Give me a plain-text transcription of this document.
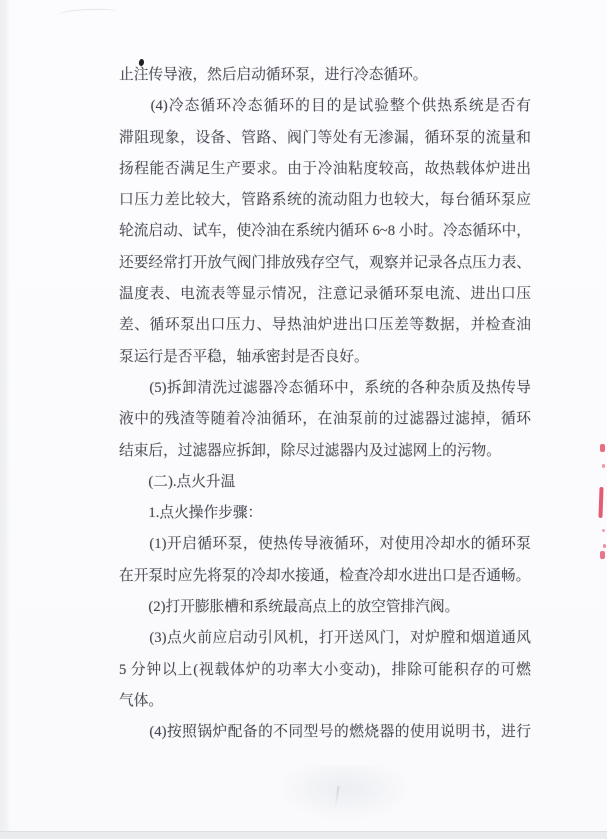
止注传导液，然后启动循环泵，进行冷态循环。
　　(4)冷态循环冷态循环的目的是试验整个供热系统是否有
滞阻现象，设备、管路、阀门等处有无渗漏，循环泵的流量和
扬程能否满足生产要求。由于冷油粘度较高，故热载体炉进出
口压力差比较大，管路系统的流动阻力也较大，每台循环泵应
轮流启动、试车，使冷油在系统内循环 6~8 小时。冷态循环中，
还要经常打开放气阀门排放残存空气，观察并记录各点压力表、
温度表、电流表等显示情况，注意记录循环泵电流、进出口压
差、循环泵出口压力、导热油炉进出口压差等数据，并检查油
泵运行是否平稳，轴承密封是否良好。
　　(5)拆卸清洗过滤器冷态循环中，系统的各种杂质及热传导
液中的残渣等随着冷油循环，在油泵前的过滤器过滤掉，循环
结束后，过滤器应拆卸，除尽过滤器内及过滤网上的污物。
　　(二).点火升温
　　1.点火操作步骤：
　　(1)开启循环泵，使热传导液循环，对使用冷却水的循环泵
在开泵时应先将泵的冷却水接通，检查冷却水进出口是否通畅。
　　(2)打开膨胀槽和系统最高点上的放空管排汽阀。
　　(3)点火前应启动引风机，打开送风门，对炉膛和烟道通风
5 分钟以上(视载体炉的功率大小变动)，排除可能积存的可燃
气体。
　　(4)按照锅炉配备的不同型号的燃烧器的使用说明书，进行
